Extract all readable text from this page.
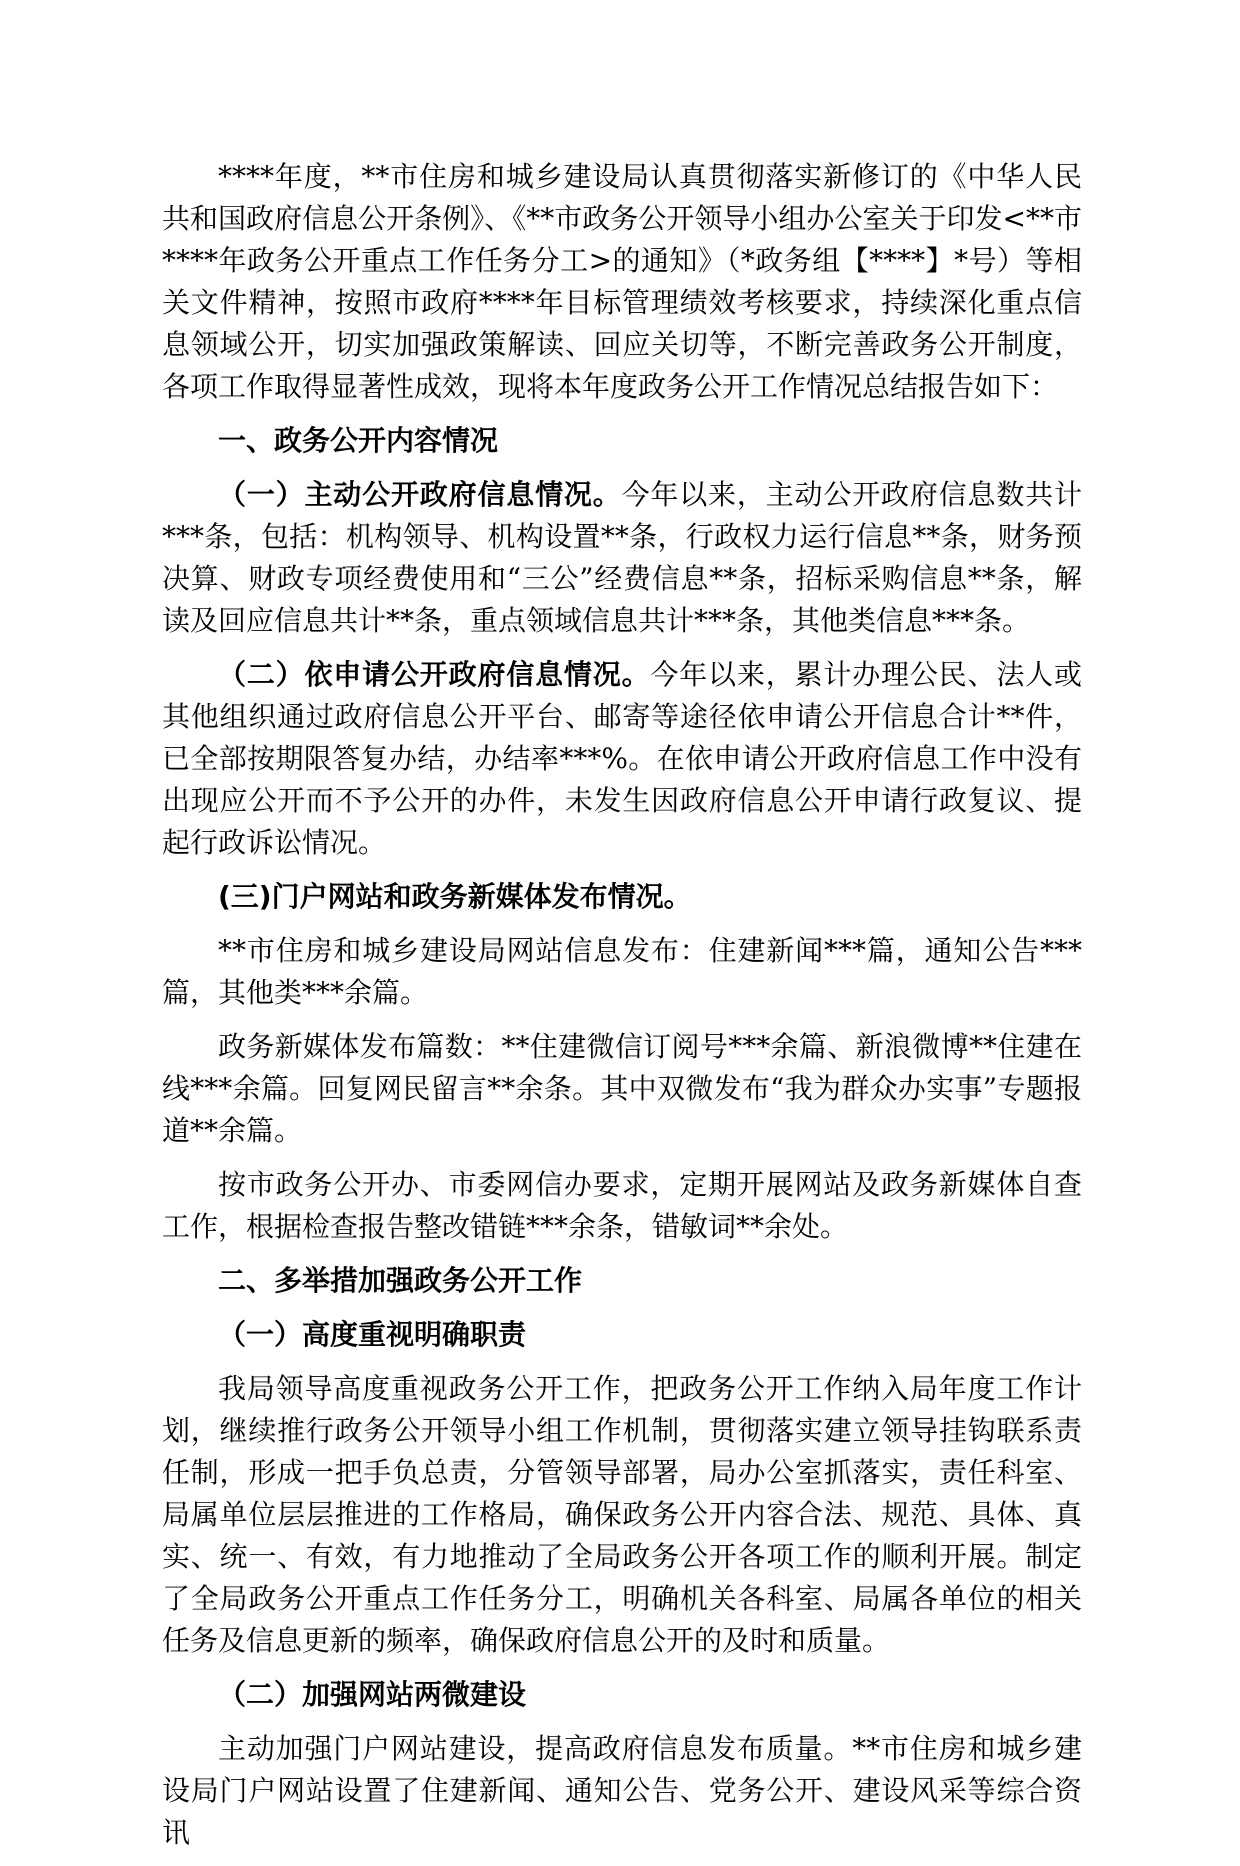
****年度，**市住房和城乡建设局认真贯彻落实新修订的《中华人民共和国政府信息公开条例》、《**市政务公开领导小组办公室关于印发<**市****年政务公开重点工作任务分工>的通知》（*政务组【****】*号）等相关文件精神，按照市政府****年目标管理绩效考核要求，持续深化重点信息领域公开，切实加强政策解读、回应关切等，不断完善政务公开制度，各项工作取得显著性成效，现将本年度政务公开工作情况总结报告如下：

一、政务公开内容情况

（一）主动公开政府信息情况。今年以来，主动公开政府信息数共计***条，包括：机构领导、机构设置**条，行政权力运行信息**条，财务预决算、财政专项经费使用和“三公”经费信息**条，招标采购信息**条，解读及回应信息共计**条，重点领域信息共计***条，其他类信息***条。

（二）依申请公开政府信息情况。今年以来，累计办理公民、法人或其他组织通过政府信息公开平台、邮寄等途径依申请公开信息合计**件，已全部按期限答复办结，办结率***%。在依申请公开政府信息工作中没有出现应公开而不予公开的办件，未发生因政府信息公开申请行政复议、提起行政诉讼情况。

(三)门户网站和政务新媒体发布情况。

**市住房和城乡建设局网站信息发布：住建新闻***篇，通知公告***篇，其他类***余篇。

政务新媒体发布篇数：**住建微信订阅号***余篇、新浪微博**住建在线***余篇。回复网民留言**余条。其中双微发布“我为群众办实事”专题报道**余篇。

按市政务公开办、市委网信办要求，定期开展网站及政务新媒体自查工作，根据检查报告整改错链***余条，错敏词**余处。

二、多举措加强政务公开工作
（一）高度重视明确职责

我局领导高度重视政务公开工作，把政务公开工作纳入局年度工作计划，继续推行政务公开领导小组工作机制，贯彻落实建立领导挂钩联系责任制，形成一把手负总责，分管领导部署，局办公室抓落实，责任科室、局属单位层层推进的工作格局，确保政务公开内容合法、规范、具体、真实、统一、有效，有力地推动了全局政务公开各项工作的顺利开展。制定了全局政务公开重点工作任务分工，明确机关各科室、局属各单位的相关任务及信息更新的频率，确保政府信息公开的及时和质量。

（二）加强网站两微建设

主动加强门户网站建设，提高政府信息发布质量。**市住房和城乡建设局门户网站设置了住建新闻、通知公告、党务公开、建设风采等综合资讯
